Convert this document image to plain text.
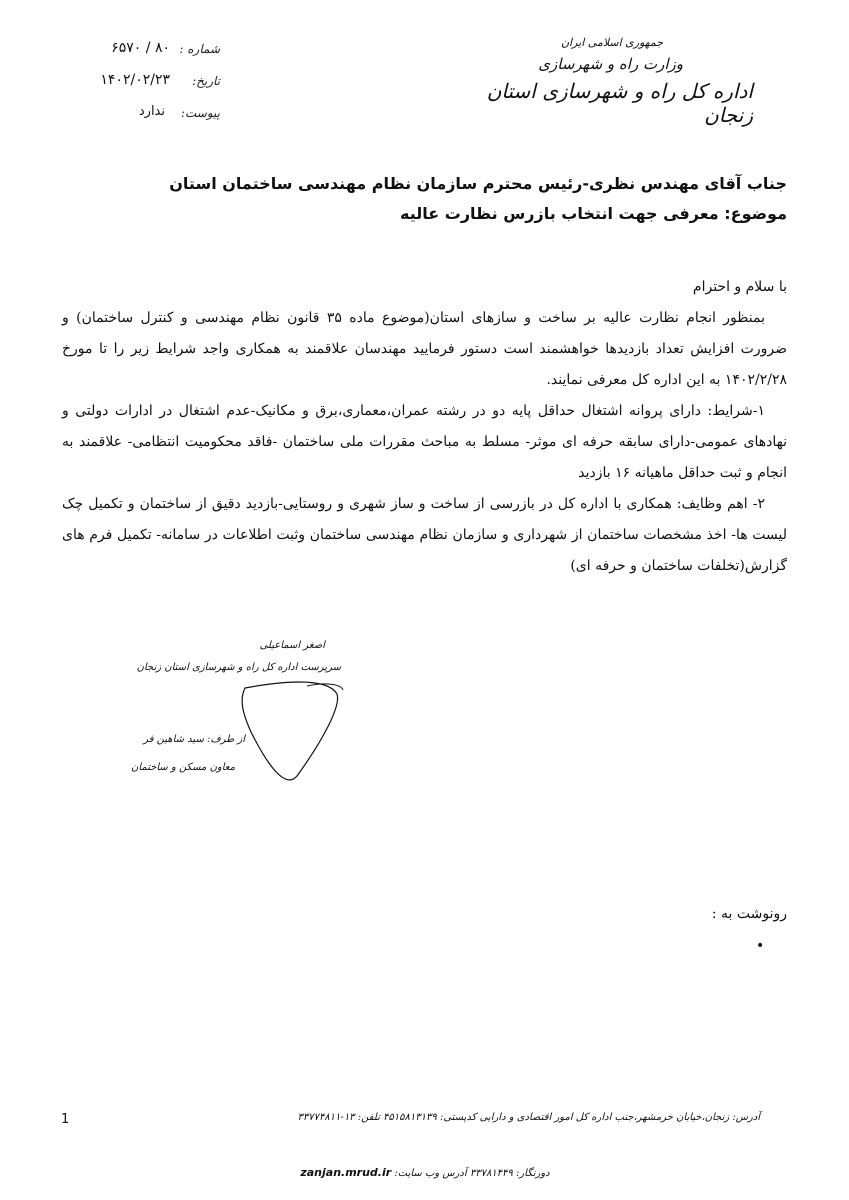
شماره :
۸۰ / ۶۵۷۰
تاریخ:
۱۴۰۲/۰۲/۲۳
پیوست:
ندارد
جمهوری اسلامی ایران
وزارت راه و شهرسازی
اداره کل راه و شهرسازی استان زنجان
جناب آقای مهندس نظری-رئیس محترم سازمان نظام مهندسی ساختمان استان
موضوع: معرفی جهت انتخاب بازرس نظارت عالیه

با سلام و احترام

بمنظور انجام نظارت عالیه بر ساخت و سازهای استان(موضوع ماده ۳۵ قانون نظام مهندسی و کنترل ساختمان) و ضرورت افزایش تعداد بازدیدها خواهشمند است دستور فرمایید مهندسان علاقمند به همکاری واجد شرایط زیر را تا مورخ ۱۴۰۲/۲/۲۸ به این اداره کل معرفی نمایند.

۱-شرایط: دارای پروانه اشتغال حداقل پایه دو در رشته عمران،معماری،برق و مکانیک-عدم اشتغال در ادارات دولتی و نهادهای عمومی-دارای سابقه حرفه ای موثر- مسلط به مباحث مقررات ملی ساختمان -فاقد محکومیت انتظامی- علاقمند به انجام و ثبت حداقل ماهیانه ۱۶ بازدید

۲- اهم وظایف: همکاری با اداره کل در بازرسی از ساخت و ساز شهری و روستایی-بازدید دقیق از ساختمان و تکمیل چک لیست ها- اخذ مشخصات ساختمان از شهرداری و سازمان نظام مهندسی ساختمان وثبت اطلاعات در سامانه- تکمیل فرم های گزارش(تخلفات ساختمان و حرفه ای)

اصغر اسماعیلی
سرپرست اداره کل راه و شهرسازی استان زنجان
از طرف: سید شاهین فر
معاون مسکن و ساختمان
رونوشت به :
•
1	آدرس: زنجان،خیابان خرمشهر،جنب اداره کل امور اقتصادی و دارایی کدپستی: ۴۵۱۵۸۱۳۱۳۹ تلفن: ۱۳-۳۳۷۷۴۸۱۱
دورنگار: ۳۳۷۸۱۴۴۹ آدرس وب سایت: zanjan.mrud.ir
